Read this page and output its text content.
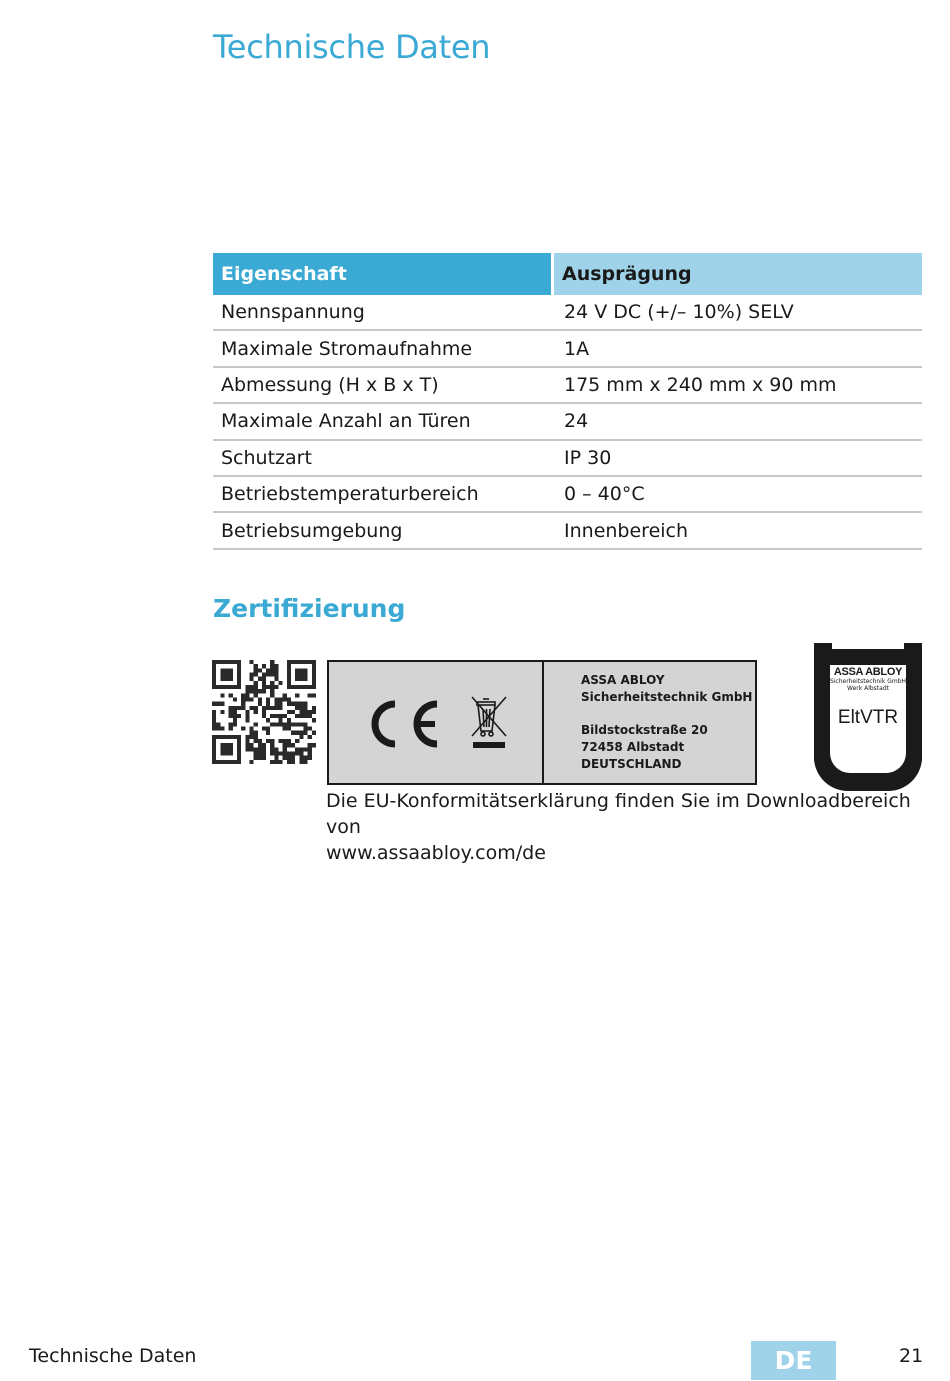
Technische Daten
Eigenschaft	Ausprägung
Nennspannung	24 V DC (+/– 10%) SELV
Maximale Stromaufnahme	1A
Abmessung (H x B x T)	175 mm x 240 mm x 90 mm
Maximale Anzahl an Türen	24
Schutzart	IP 30
Betriebstemperaturbereich	0 – 40°C
Betriebsumgebung	Innenbereich
Zertifizierung
ASSA ABLOY
Sicherheitstechnik GmbH
Bildstockstraße 20
72458 Albstadt
DEUTSCHLAND
ASSA ABLOY
Sicherheitstechnik GmbH
Werk Albstadt
EltVTR
MPA NRW
Die EU-Konformitätserklärung finden Sie im Downloadbereich von
www.assaabloy.com/de
Technische Daten	DE	21
